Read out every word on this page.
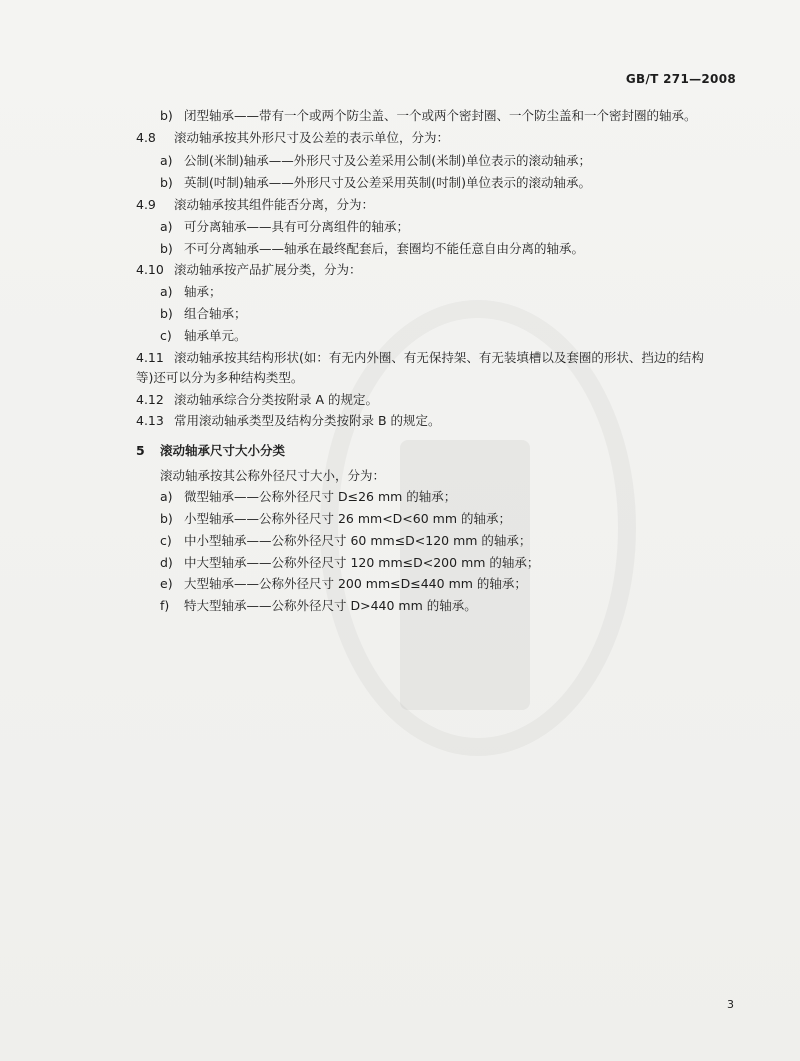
GB/T 271—2008
b) 闭型轴承——带有一个或两个防尘盖、一个或两个密封圈、一个防尘盖和一个密封圈的轴承。
4.8 滚动轴承按其外形尺寸及公差的表示单位，分为：
a) 公制(米制)轴承——外形尺寸及公差采用公制(米制)单位表示的滚动轴承；
b) 英制(吋制)轴承——外形尺寸及公差采用英制(吋制)单位表示的滚动轴承。
4.9 滚动轴承按其组件能否分离，分为：
a) 可分离轴承——具有可分离组件的轴承；
b) 不可分离轴承——轴承在最终配套后，套圈均不能任意自由分离的轴承。
4.10 滚动轴承按产品扩展分类，分为：
a) 轴承；
b) 组合轴承；
c) 轴承单元。
4.11 滚动轴承按其结构形状(如：有无内外圈、有无保持架、有无装填槽以及套圈的形状、挡边的结构
等)还可以分为多种结构类型。
4.12 滚动轴承综合分类按附录 A 的规定。
4.13 常用滚动轴承类型及结构分类按附录 B 的规定。
5 滚动轴承尺寸大小分类
滚动轴承按其公称外径尺寸大小，分为：
a) 微型轴承——公称外径尺寸 D≤26 mm 的轴承；
b) 小型轴承——公称外径尺寸 26 mm<D<60 mm 的轴承；
c) 中小型轴承——公称外径尺寸 60 mm≤D<120 mm 的轴承；
d) 中大型轴承——公称外径尺寸 120 mm≤D<200 mm 的轴承；
e) 大型轴承——公称外径尺寸 200 mm≤D≤440 mm 的轴承；
f) 特大型轴承——公称外径尺寸 D>440 mm 的轴承。
3
